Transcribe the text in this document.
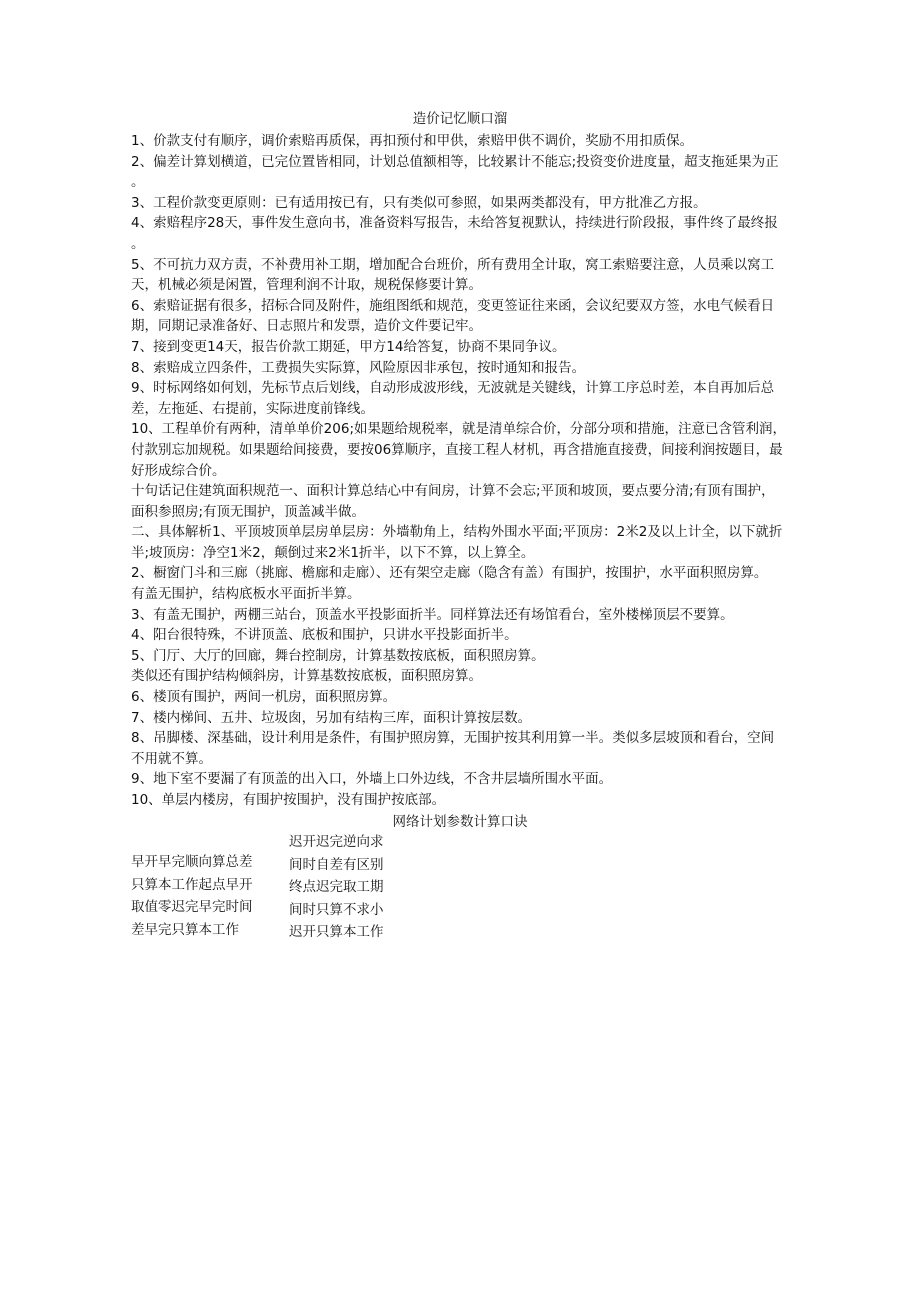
造价记忆顺口溜

1、价款支付有顺序，调价索赔再质保，再扣预付和甲供，索赔甲供不调价，奖励不用扣质保。

2、偏差计算划横道，已完位置皆相同，计划总值额相等，比较累计不能忘;投资变价进度量，超支拖延果为正

。

3、工程价款变更原则：已有适用按已有，只有类似可参照，如果两类都没有，甲方批准乙方报。

4、索赔程序28天，事件发生意向书，准备资料写报告，未给答复视默认，持续进行阶段报，事件终了最终报

。

5、不可抗力双方责，不补费用补工期，增加配合台班价，所有费用全计取，窝工索赔要注意，人员乘以窝工

天，机械必须是闲置，管理利润不计取，规税保修要计算。

6、索赔证据有很多，招标合同及附件，施组图纸和规范，变更签证往来函，会议纪要双方签，水电气候看日

期，同期记录准备好、日志照片和发票，造价文件要记牢。

7、接到变更14天，报告价款工期延，甲方14给答复，协商不果同争议。

8、索赔成立四条件，工费损失实际算，风险原因非承包，按时通知和报告。

9、时标网络如何划，先标节点后划线，自动形成波形线，无波就是关键线，计算工序总时差，本自再加后总

差，左拖延、右提前，实际进度前锋线。

10、工程单价有两种，清单单价206;如果题给规税率，就是清单综合价，分部分项和措施，注意已含管利润，

付款别忘加规税。如果题给间接费，要按06算顺序，直接工程人材机，再含措施直接费，间接利润按题目，最

好形成综合价。

十句话记住建筑面积规范一、面积计算总结心中有间房，计算不会忘;平顶和坡顶，要点要分清;有顶有围护，

面积参照房;有顶无围护，顶盖减半做。

二、具体解析1、平顶坡顶单层房单层房：外墙勒角上，结构外围水平面;平顶房：2米2及以上计全，以下就折

半;坡顶房：净空1米2，颠倒过来2米1折半，以下不算，以上算全。

2、橱窗门斗和三廊（挑廊、檐廊和走廊）、还有架空走廊（隐含有盖）有围护，按围护，水平面积照房算。

有盖无围护，结构底板水平面折半算。

3、有盖无围护，两棚三站台，顶盖水平投影面折半。同样算法还有场馆看台，室外楼梯顶层不要算。

4、阳台很特殊，不讲顶盖、底板和围护，只讲水平投影面折半。

5、门厅、大厅的回廊，舞台控制房，计算基数按底板，面积照房算。

类似还有围护结构倾斜房，计算基数按底板，面积照房算。

6、楼顶有围护，两间一机房，面积照房算。

7、楼内梯间、五井、垃圾囱，另加有结构三库，面积计算按层数。

8、吊脚楼、深基础，设计利用是条件，有围护照房算，无围护按其利用算一半。类似多层坡顶和看台，空间

不用就不算。

9、地下室不要漏了有顶盖的出入口，外墙上口外边线，不含井层墙所围水平面。

10、单层内楼房，有围护按围护，没有围护按底部。

网络计划参数计算口诀
早开早完顺向算总差
只算本工作起点早开
取值零迟完早完时间
差早完只算本工作
迟开迟完逆向求
间时自差有区别
终点迟完取工期
间时只算不求小
迟开只算本工作
